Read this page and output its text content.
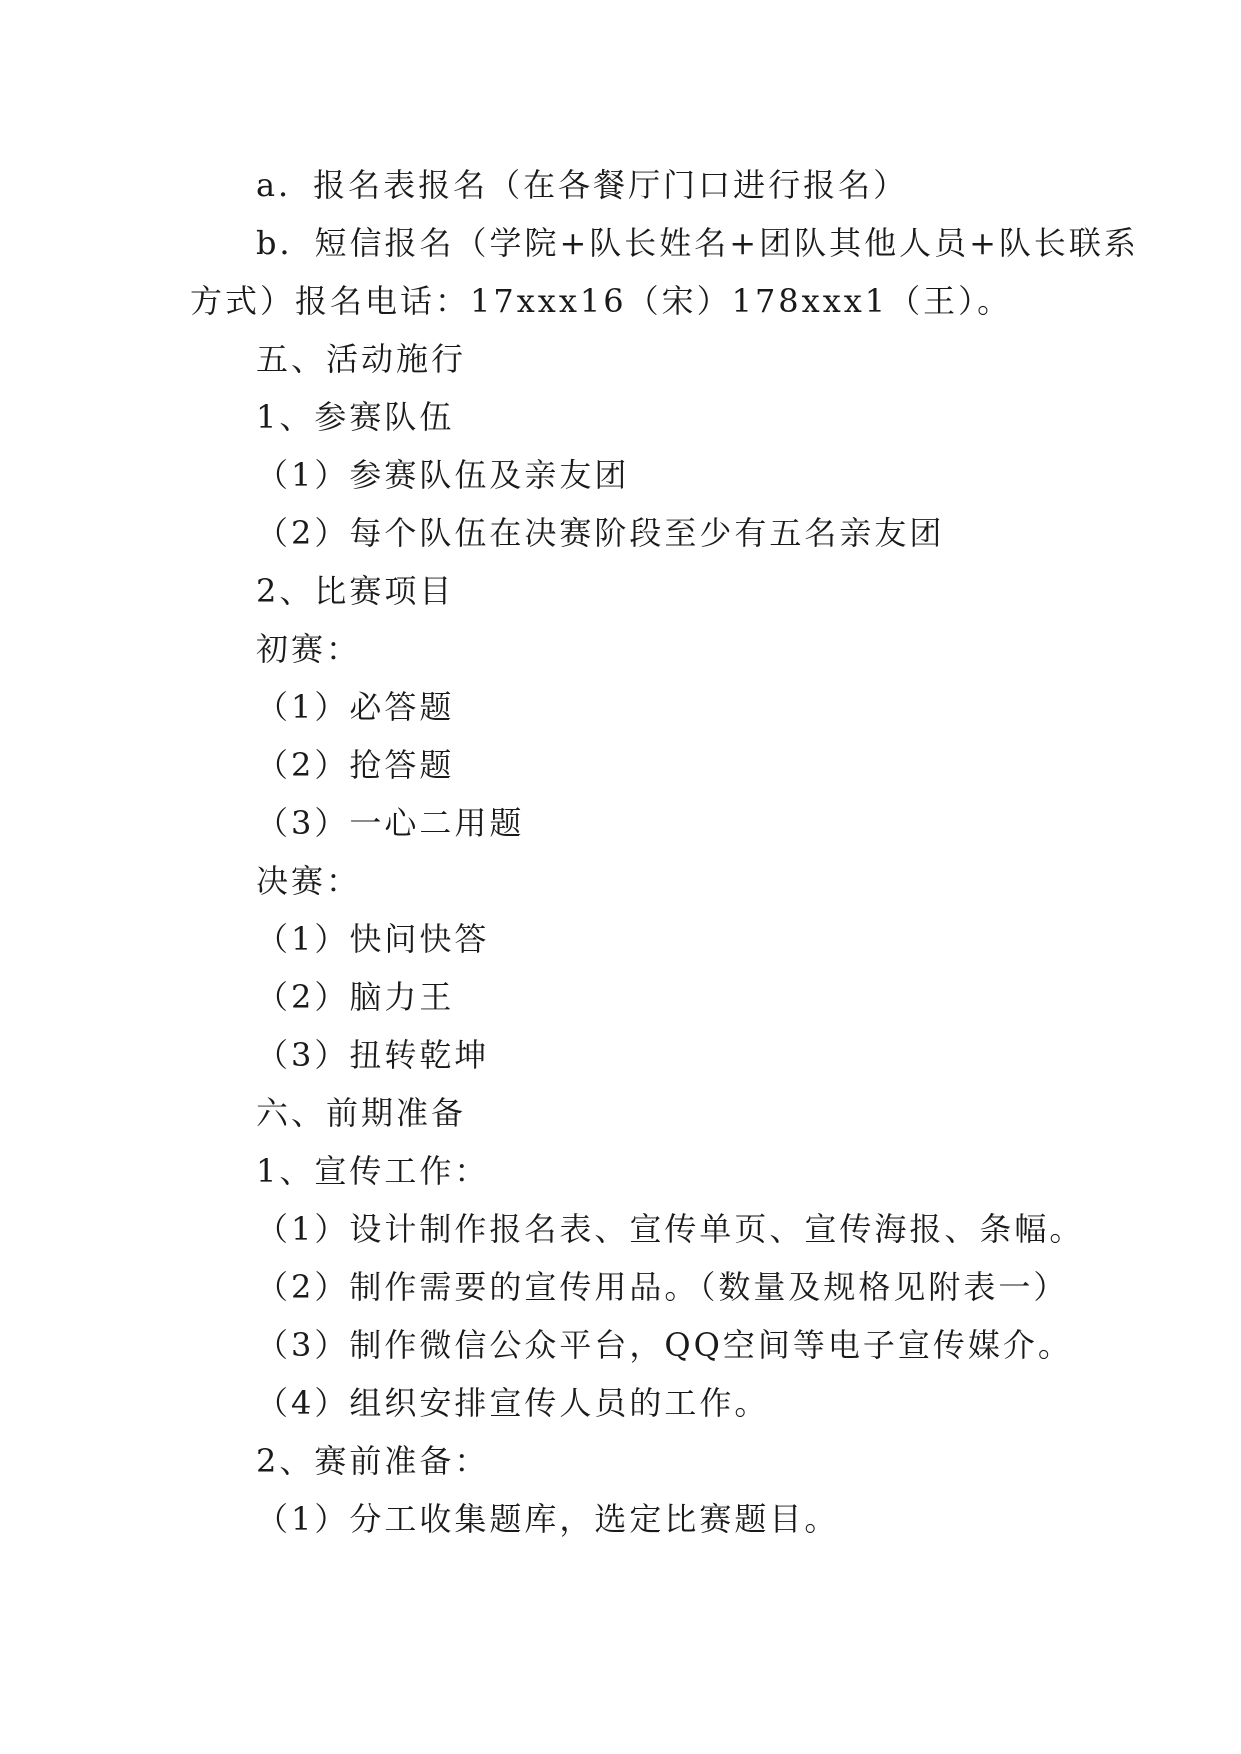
a．报名表报名（在各餐厅门口进行报名）
b．短信报名（学院+队长姓名+团队其他人员+队长联系
方式）报名电话：17xxx16（宋）178xxx1（王）。
五、活动施行
1、参赛队伍
（1）参赛队伍及亲友团
（2）每个队伍在决赛阶段至少有五名亲友团
2、比赛项目
初赛：
（1）必答题
（2）抢答题
（3）一心二用题
决赛：
（1）快问快答
（2）脑力王
（3）扭转乾坤
六、前期准备
1、宣传工作：
（1）设计制作报名表、宣传单页、宣传海报、条幅。
（2）制作需要的宣传用品。（数量及规格见附表一）
（3）制作微信公众平台，QQ空间等电子宣传媒介。
（4）组织安排宣传人员的工作。
2、赛前准备：
（1）分工收集题库，选定比赛题目。
